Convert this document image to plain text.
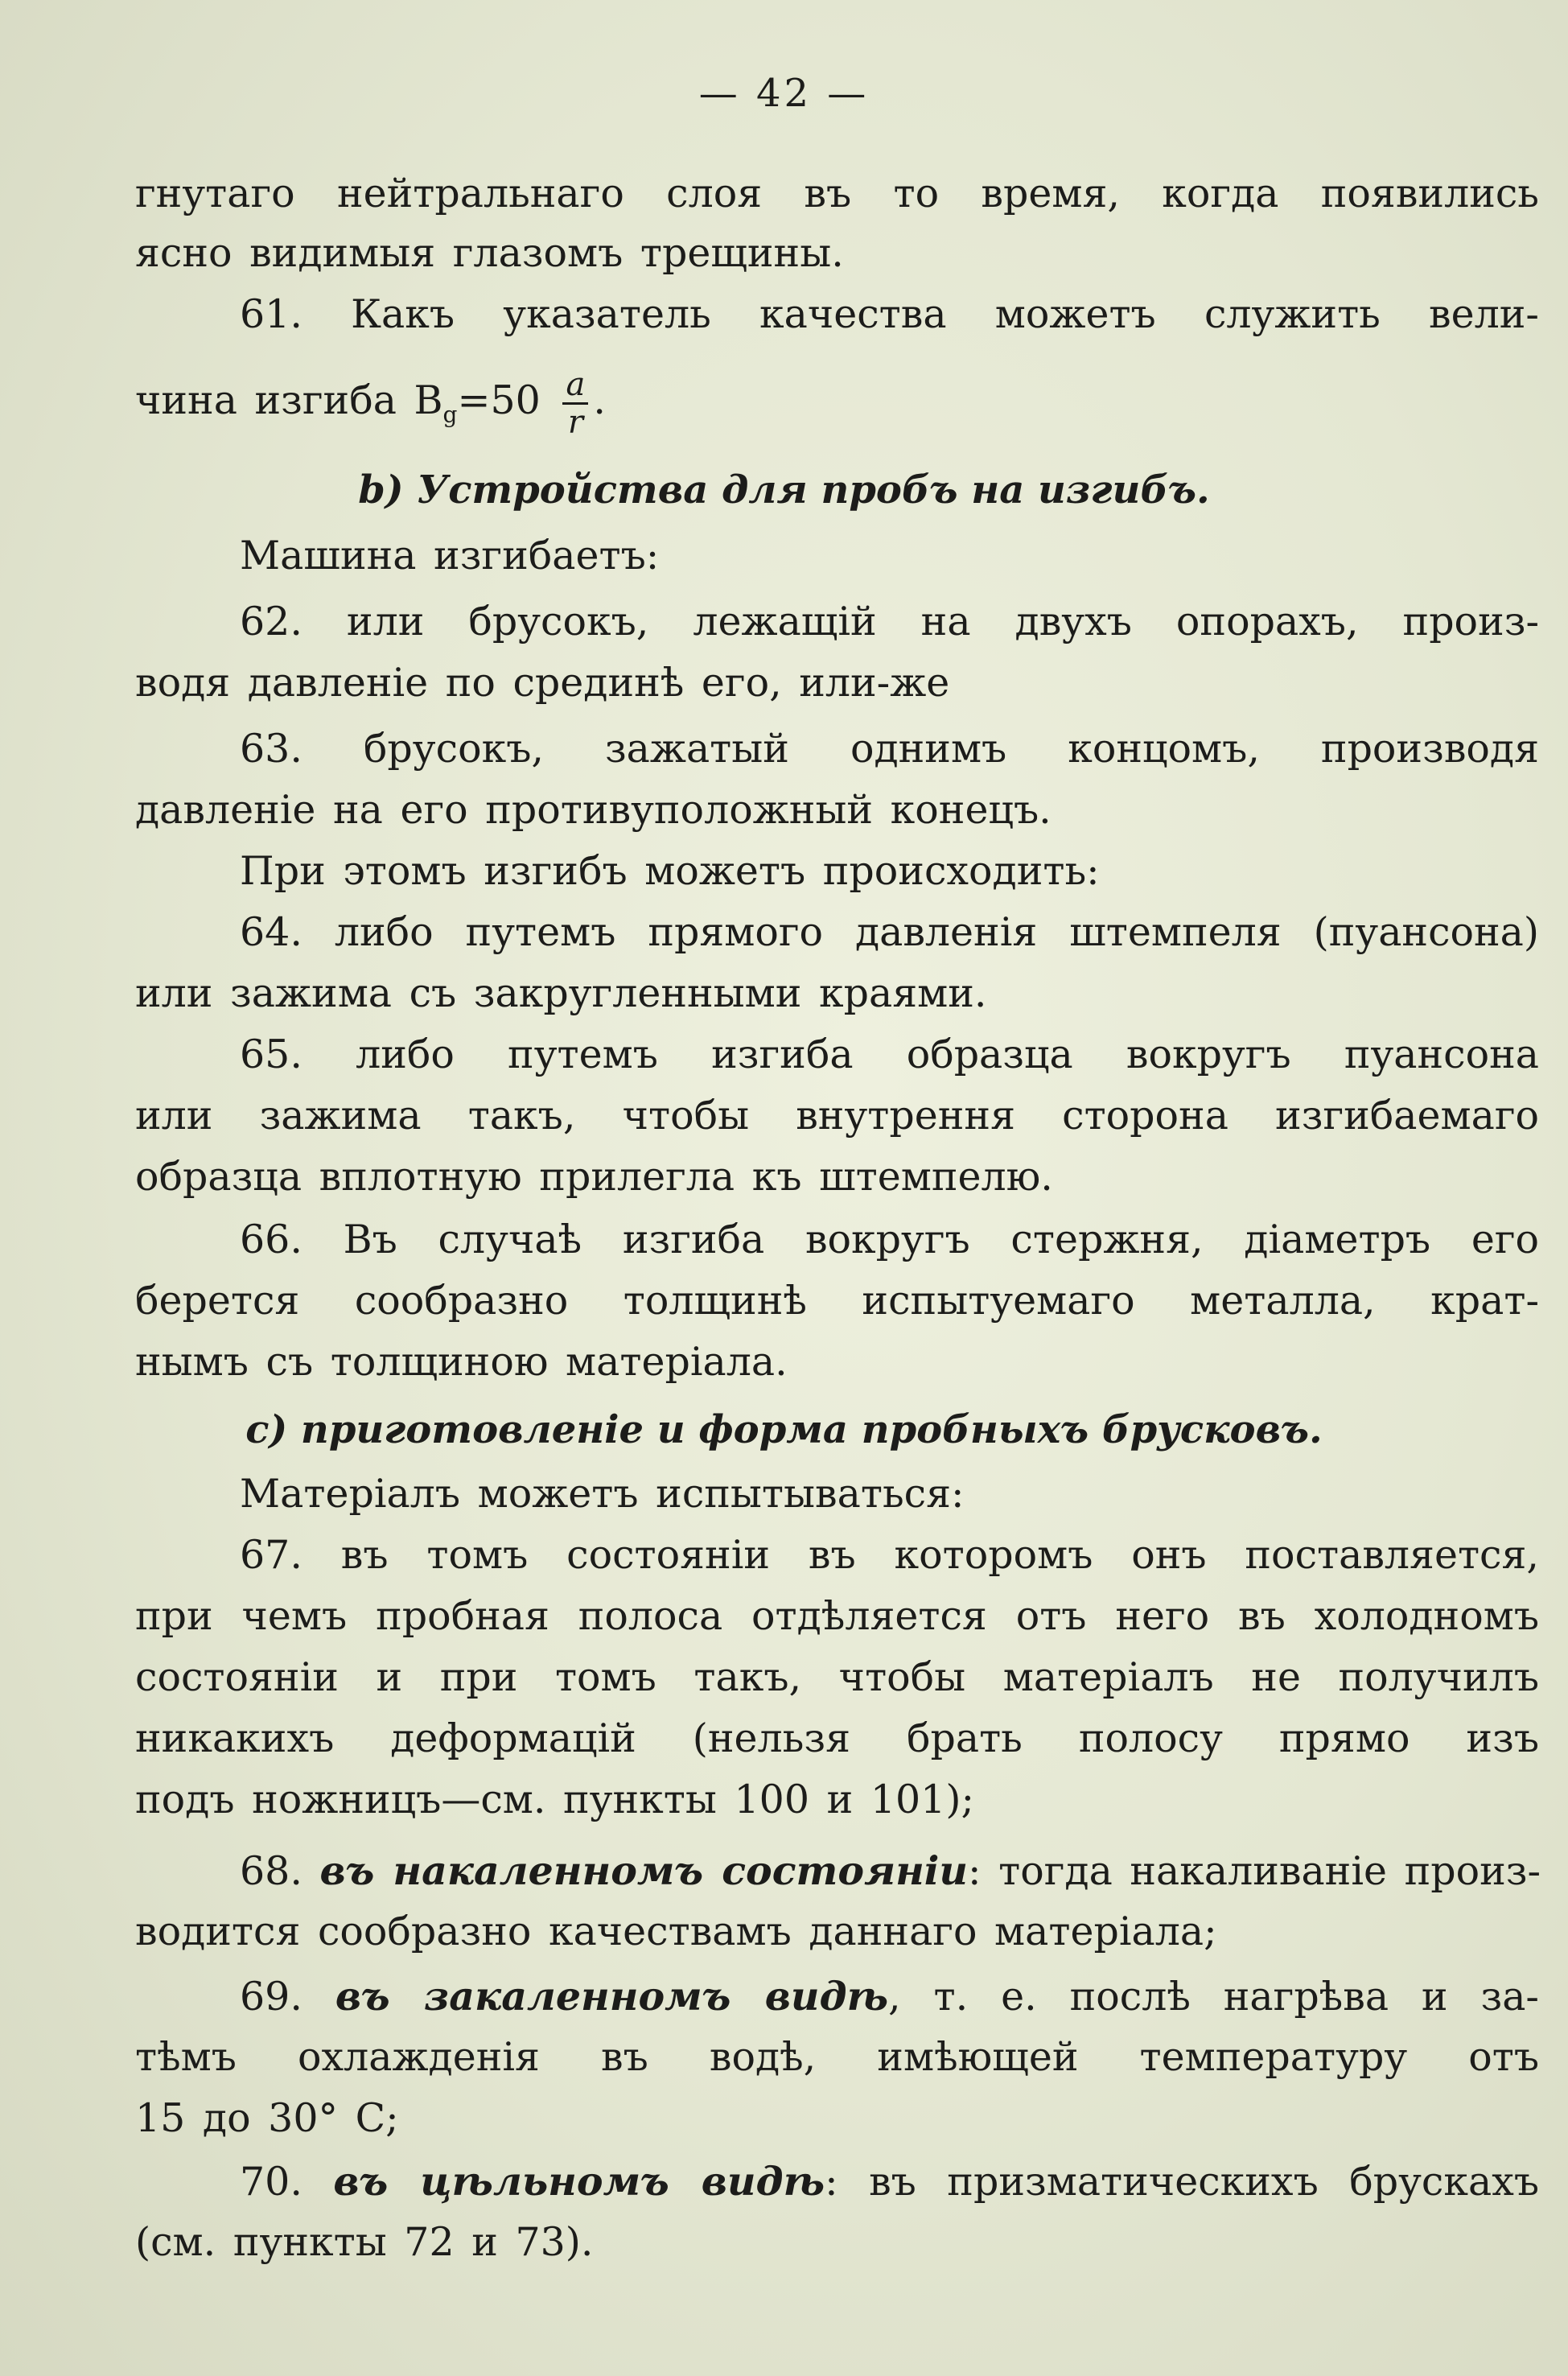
— 42 —
гнутаго нейтральнаго слоя въ то время, когда появились
ясно видимыя глазомъ трещины.
61. Какъ указатель качества можетъ служить вели-
чина изгиба $B_g=50 \frac{a}{r}$ .
b) Устройства для пробъ на изгибъ.
Машина изгибаетъ:
62. или брусокъ, лежащій на двухъ опорахъ, произ-
водя давленіе по срединѣ его, или-же
63. брусокъ, зажатый однимъ концомъ, производя
давленіе на его противуположный конецъ.
При этомъ изгибъ можетъ происходить:
64. либо путемъ прямого давленія штемпеля (пуансона)
или зажима съ закругленными краями.
65. либо путемъ изгиба образца вокругъ пуансона
или зажима такъ, чтобы внутрення сторона изгибаемаго
образца вплотную прилегла къ штемпелю.
66. Въ случаѣ изгиба вокругъ стержня, діаметръ его
берется сообразно толщинѣ испытуемаго металла, крат-
нымъ съ толщиною матеріала.
c) приготовленіе и форма пробныхъ брусковъ.
Матеріалъ можетъ испытываться:
67. въ томъ состояніи въ которомъ онъ поставляется,
при чемъ пробная полоса отдѣляется отъ него въ холодномъ
состояніи и при томъ такъ, чтобы матеріалъ не получилъ
никакихъ деформацій (нельзя брать полосу прямо изъ
подъ ножницъ—см. пункты 100 и 101);
68. въ накаленномъ состояніи: тогда накаливаніе произ-
водится сообразно качествамъ даннаго матеріала;
69. въ закаленномъ видѣ, т. е. послѣ нагрѣва и за-
тѣмъ охлажденія въ водѣ, имѣющей температуру отъ
15 до 30° С;
70. въ цѣльномъ видѣ: въ призматическихъ брускахъ
(см. пункты 72 и 73).
